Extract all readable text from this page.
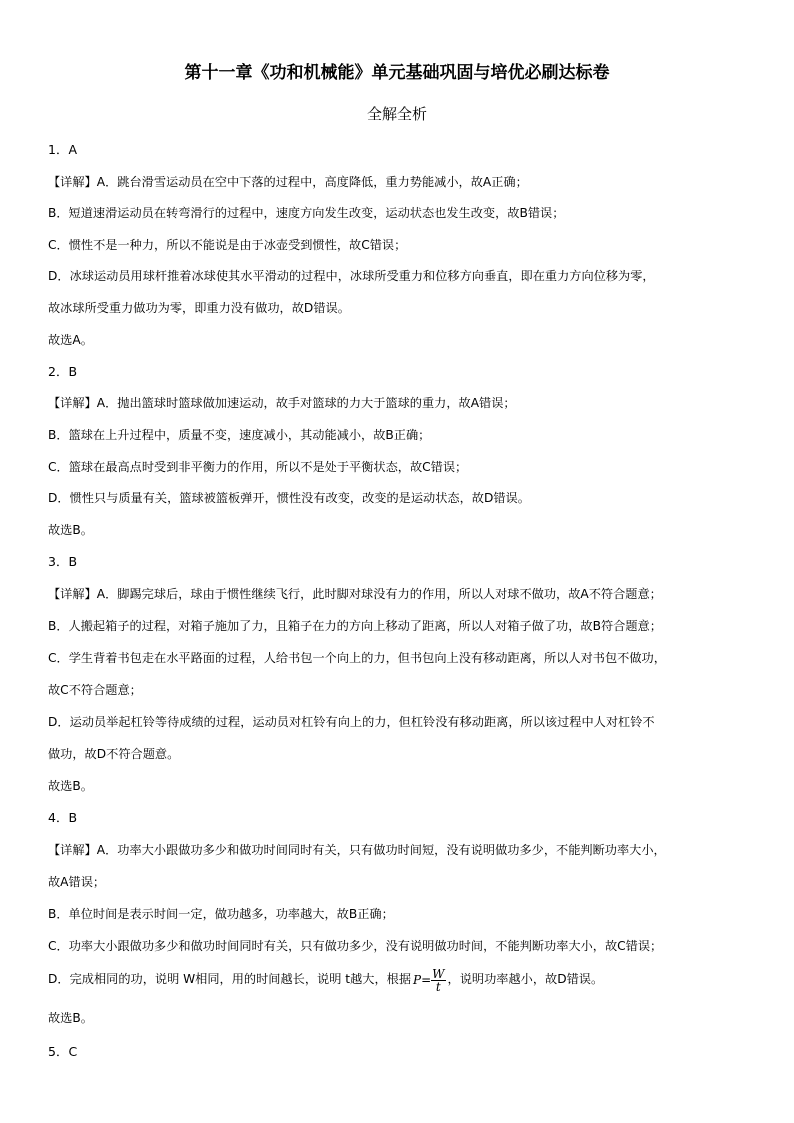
第十一章《功和机械能》单元基础巩固与培优必刷达标卷
全解全析
1．A
【详解】A．跳台滑雪运动员在空中下落的过程中，高度降低，重力势能减小，故A正确；
B．短道速滑运动员在转弯滑行的过程中，速度方向发生改变，运动状态也发生改变，故B错误；
C．惯性不是一种力，所以不能说是由于冰壶受到惯性，故C错误；
D．冰球运动员用球杆推着冰球使其水平滑动的过程中，冰球所受重力和位移方向垂直，即在重力方向位移为零，
故冰球所受重力做功为零，即重力没有做功，故D错误。
故选A。
2．B
【详解】A．抛出篮球时篮球做加速运动，故手对篮球的力大于篮球的重力，故A错误；
B．篮球在上升过程中，质量不变，速度减小，其动能减小，故B正确；
C．篮球在最高点时受到非平衡力的作用，所以不是处于平衡状态，故C错误；
D．惯性只与质量有关，篮球被篮板弹开，惯性没有改变，改变的是运动状态，故D错误。
故选B。
3．B
【详解】A．脚踢完球后，球由于惯性继续飞行，此时脚对球没有力的作用，所以人对球不做功，故A不符合题意；
B．人搬起箱子的过程，对箱子施加了力，且箱子在力的方向上移动了距离，所以人对箱子做了功，故B符合题意；
C．学生背着书包走在水平路面的过程，人给书包一个向上的力，但书包向上没有移动距离，所以人对书包不做功，
故C不符合题意；
D．运动员举起杠铃等待成绩的过程，运动员对杠铃有向上的力，但杠铃没有移动距离，所以该过程中人对杠铃不
做功，故D不符合题意。
故选B。
4．B
【详解】A．功率大小跟做功多少和做功时间同时有关，只有做功时间短，没有说明做功多少，不能判断功率大小，
故A错误；
B．单位时间是表示时间一定，做功越多，功率越大，故B正确；
C．功率大小跟做功多少和做功时间同时有关，只有做功多少，没有说明做功时间，不能判断功率大小，故C错误；
D．完成相同的功，说明 W相同，用的时间越长，说明 t越大，根据 $P= \frac{W}{t}$ ，说明功率越小，故D错误。
故选B。
5．C
